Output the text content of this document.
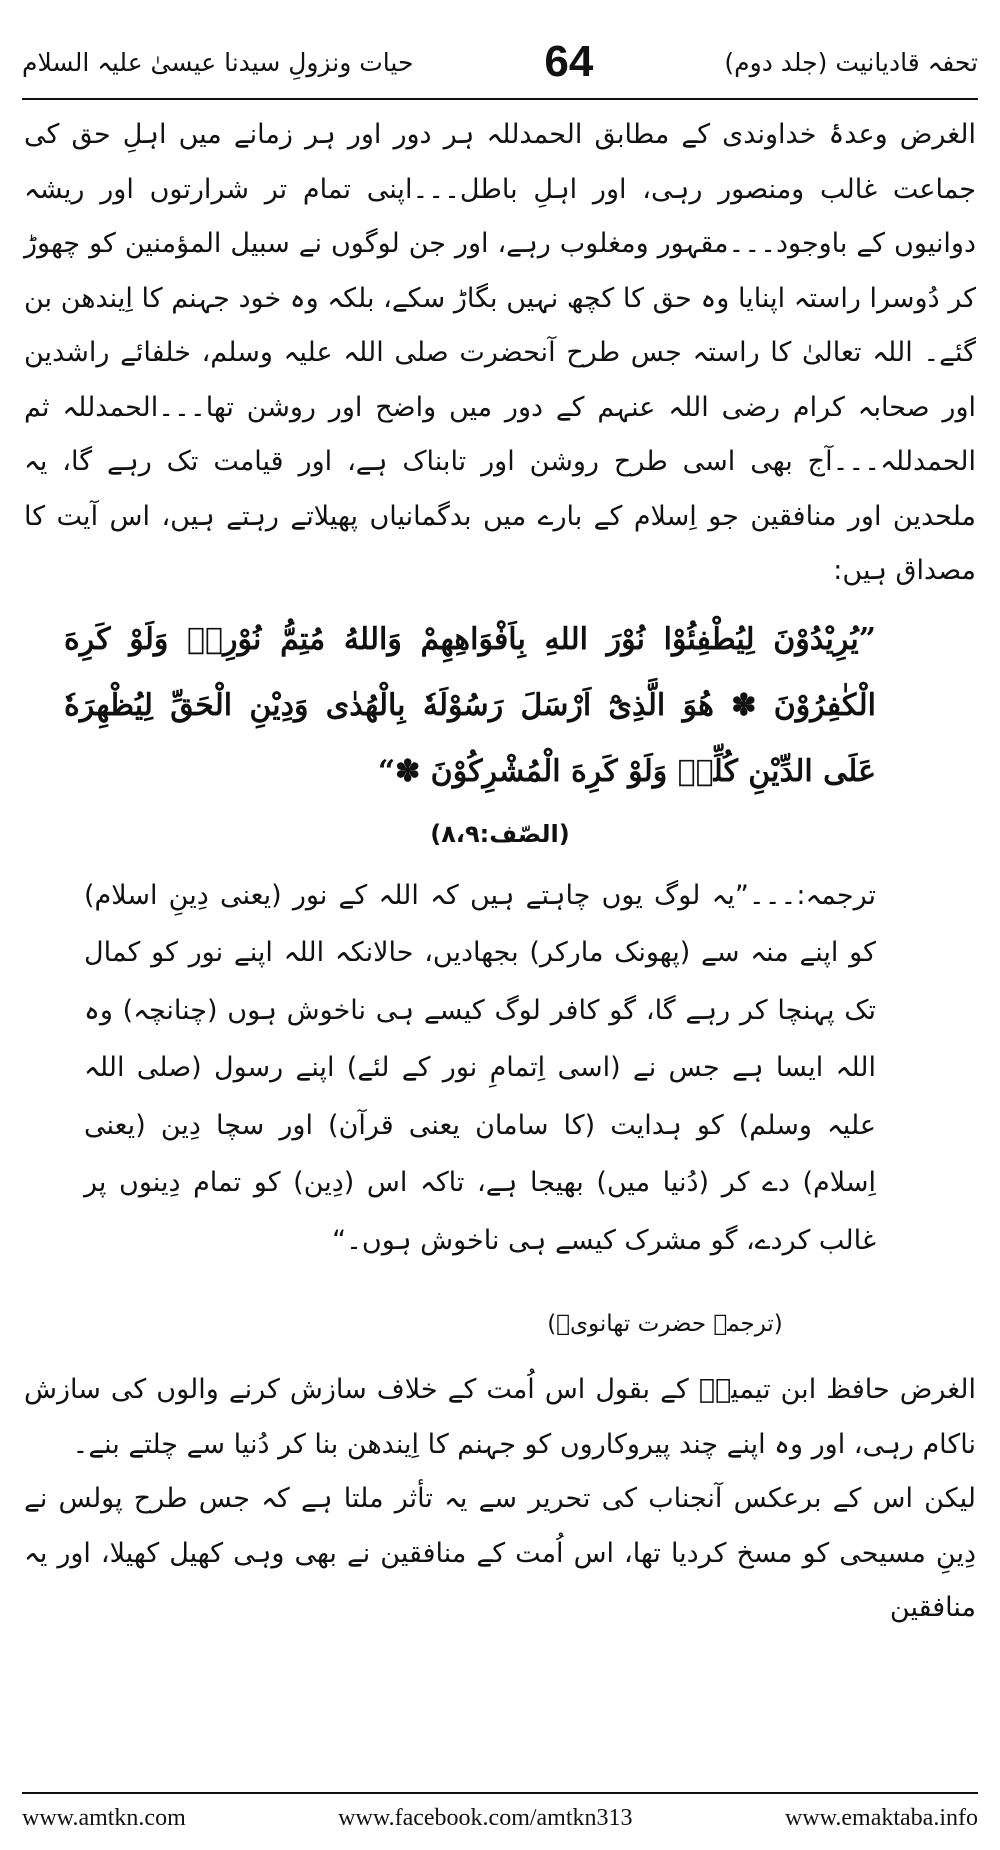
تحفہ قادیانیت (جلد دوم)
64
حیات ونزولِ سیدنا عیسیٰ علیہ السلام

الغرض وعدۂ خداوندی کے مطابق الحمدللہ ہر دور اور ہر زمانے میں اہلِ حق کی جماعت غالب ومنصور رہی، اور اہلِ باطل۔۔۔اپنی تمام تر شرارتوں اور ریشہ دوانیوں کے باوجود۔۔۔مقہور ومغلوب رہے، اور جن لوگوں نے سبیل المؤمنین کو چھوڑ کر دُوسرا راستہ اپنایا وہ حق کا کچھ نہیں بگاڑ سکے، بلکہ وہ خود جہنم کا اِیندھن بن گئے۔ اللہ تعالیٰ کا راستہ جس طرح آنحضرت صلی اللہ علیہ وسلم، خلفائے راشدین اور صحابہ کرام رضی اللہ عنہم کے دور میں واضح اور روشن تھا۔۔۔الحمدللہ ثم الحمدللہ۔۔۔آج بھی اسی طرح روشن اور تابناک ہے، اور قیامت تک رہے گا، یہ ملحدین اور منافقین جو اِسلام کے بارے میں بدگمانیاں پھیلاتے رہتے ہیں، اس آیت کا مصداق ہیں:

”یُرِیْدُوْنَ لِیُطْفِئُوْا نُوْرَ اللهِ بِاَفْوَاهِهِمْ وَاللهُ مُتِمُّ نُوْرِهٖ وَلَوْ كَرِهَ الْكٰفِرُوْنَ ✽ هُوَ الَّذِیْٓ اَرْسَلَ رَسُوْلَهٗ بِالْهُدٰى وَدِیْنِ الْحَقِّ لِیُظْهِرَهٗ عَلَى الدِّیْنِ كُلِّهٖ وَلَوْ كَرِهَ الْمُشْرِكُوْنَ ✽“

(الصّف:۸،۹)

ترجمہ:۔۔۔”یہ لوگ یوں چاہتے ہیں کہ اللہ کے نور (یعنی دِینِ اسلام) کو اپنے منہ سے (پھونک مارکر) بجھادیں، حالانکہ اللہ اپنے نور کو کمال تک پہنچا کر رہے گا، گو کافر لوگ کیسے ہی ناخوش ہوں (چنانچہ) وہ اللہ ایسا ہے جس نے (اسی اِتمامِ نور کے لئے) اپنے رسول (صلی اللہ علیہ وسلم) کو ہدایت (کا سامان یعنی قرآن) اور سچا دِین (یعنی اِسلام) دے کر (دُنیا میں) بھیجا ہے، تاکہ اس (دِین) کو تمام دِینوں پر غالب کردے، گو مشرک کیسے ہی ناخوش ہوں۔“

(ترجمہ حضرت تھانویؒ)

الغرض حافظ ابن تیمیہؒ کے بقول اس اُمت کے خلاف سازش کرنے والوں کی سازش ناکام رہی، اور وہ اپنے چند پیروکاروں کو جہنم کا اِیندھن بنا کر دُنیا سے چلتے بنے۔

لیکن اس کے برعکس آنجناب کی تحریر سے یہ تأثر ملتا ہے کہ جس طرح پولس نے دِینِ مسیحی کو مسخ کردیا تھا، اس اُمت کے منافقین نے بھی وہی کھیل کھیلا، اور یہ منافقین

www.amtkn.com	www.facebook.com/amtkn313	www.emaktaba.info
